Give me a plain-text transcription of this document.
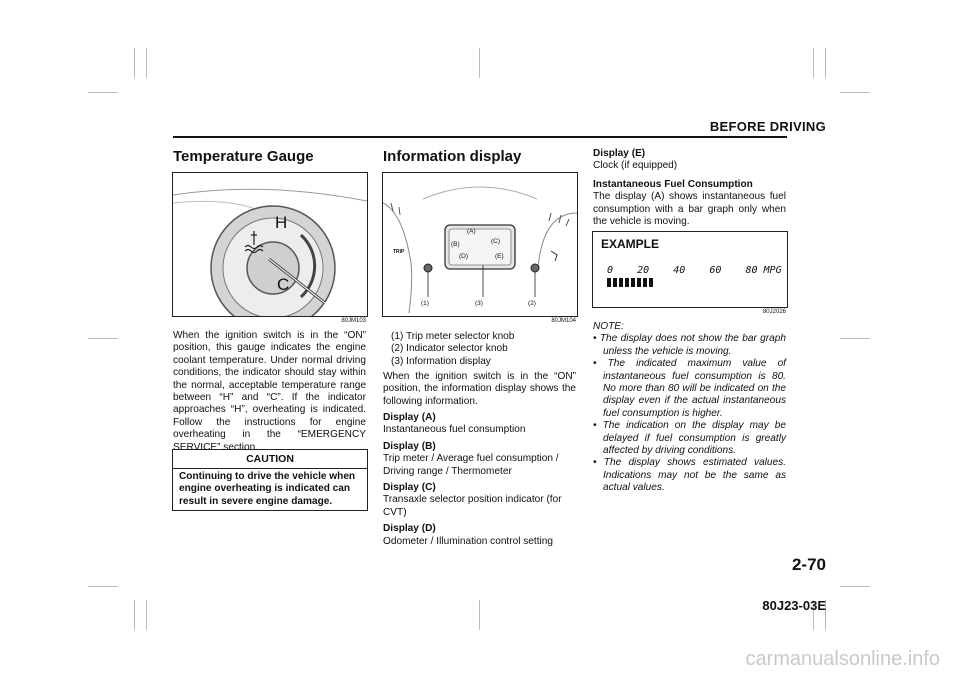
BEFORE DRIVING
Temperature Gauge
H
C
80JM103
When the ignition switch is in the “ON” position, this gauge indicates the engine coolant temperature. Under normal driving conditions, the indicator should stay within the normal, acceptable temperature range between “H” and “C”. If the indicator approaches “H”, overheating is indicated. Follow the instructions for engine overheating in the “EMERGENCY SERVICE” section.
CAUTION
Continuing to drive the vehicle when engine overheating is indicated can result in severe engine damage.
Information display
TRIP
(A)
(B)	(C)
(D)	(E)
(1)	(3)	(2)
80JM104
(1) Trip meter selector knob
(2) Indicator selector knob
(3) Information display
When the ignition switch is in the “ON” position, the information display shows the following information.
Display (A)
Instantaneous fuel consumption
Display (B)
Trip meter / Average fuel consumption / Driving range / Thermometer
Display (C)
Transaxle selector position indicator (for CVT)
Display (D)
Odometer / Illumination control setting
Display (E)
Clock (if equipped)
Instantaneous Fuel Consumption
The display (A) shows instantaneous fuel consumption with a bar graph only when the vehicle is moving.
EXAMPLE
0    20    40    60    80 MPG
80J2026
NOTE:
• The display does not show the bar graph unless the vehicle is moving.
• The indicated maximum value of instantaneous fuel consumption is 80. No more than 80 will be indicated on the display even if the actual instantaneous fuel consumption is higher.
• The indication on the display may be delayed if fuel consumption is greatly affected by driving conditions.
• The display shows estimated values. Indications may not be the same as actual values.
2-70
80J23-03E
carmanualsonline.info
